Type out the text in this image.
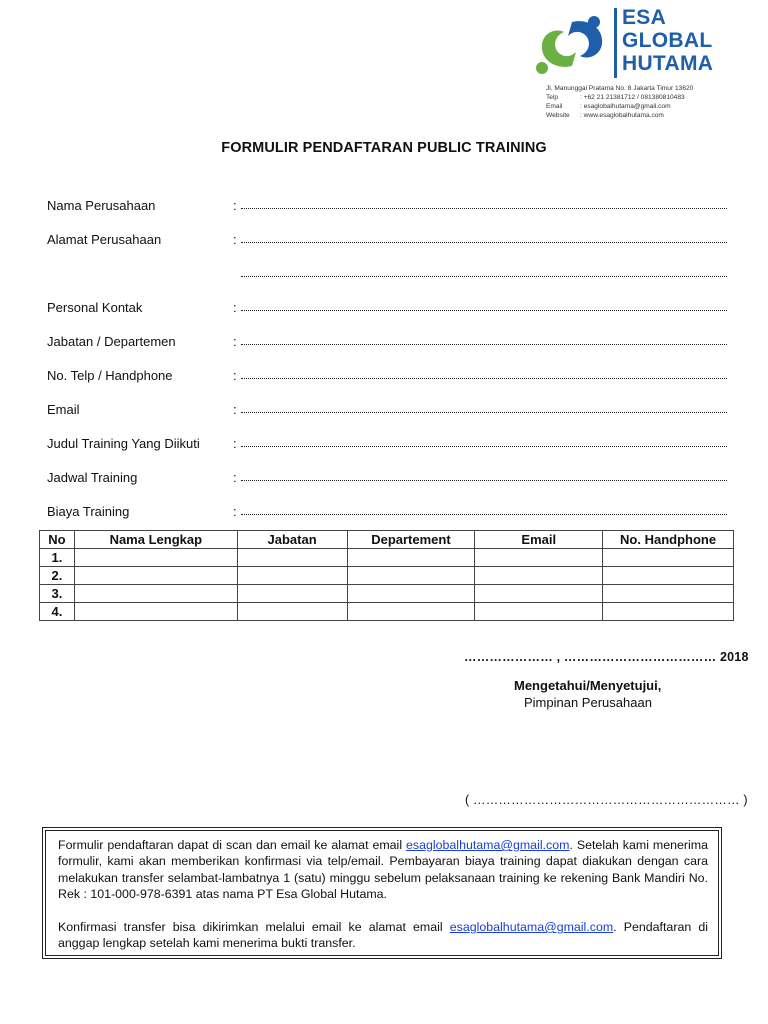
ESA
GLOBAL
HUTAMA
Jl. Manunggal Pratama No. 8 Jakarta Timur 13620
Telp	: +62 21 21381712 / 081380810483
Email	: esaglobalhutama@gmail.com
Website : www.esaglobalhutama.com
FORMULIR PENDAFTARAN PUBLIC TRAINING
Nama Perusahaan	:
Alamat Perusahaan	:
Personal Kontak	:
Jabatan / Departemen	:
No. Telp / Handphone	:
Email	:
Judul Training Yang Diikuti	:
Jadwal Training	:
Biaya Training	:
No	Nama Lengkap	Jabatan	Departement	Email	No. Handphone
1.					
2.					
3.					
4.					
………………… , ……………………………… 2018
Mengetahui/Menyetujui,
Pimpinan Perusahaan
( ……………………………………………………… )

Formulir pendaftaran dapat di scan dan email ke alamat email esaglobalhutama@gmail.com. Setelah kami menerima formulir, kami akan memberikan konfirmasi via telp/email. Pembayaran biaya training dapat diakukan dengan cara melakukan transfer selambat-lambatnya 1 (satu) minggu sebelum pelaksanaan training ke rekening Bank Mandiri No. Rek : 101-000-978-6391 atas nama PT Esa Global Hutama.

Konfirmasi transfer bisa dikirimkan melalui email ke alamat email esaglobalhutama@gmail.com. Pendaftaran di anggap lengkap setelah kami menerima bukti transfer.
